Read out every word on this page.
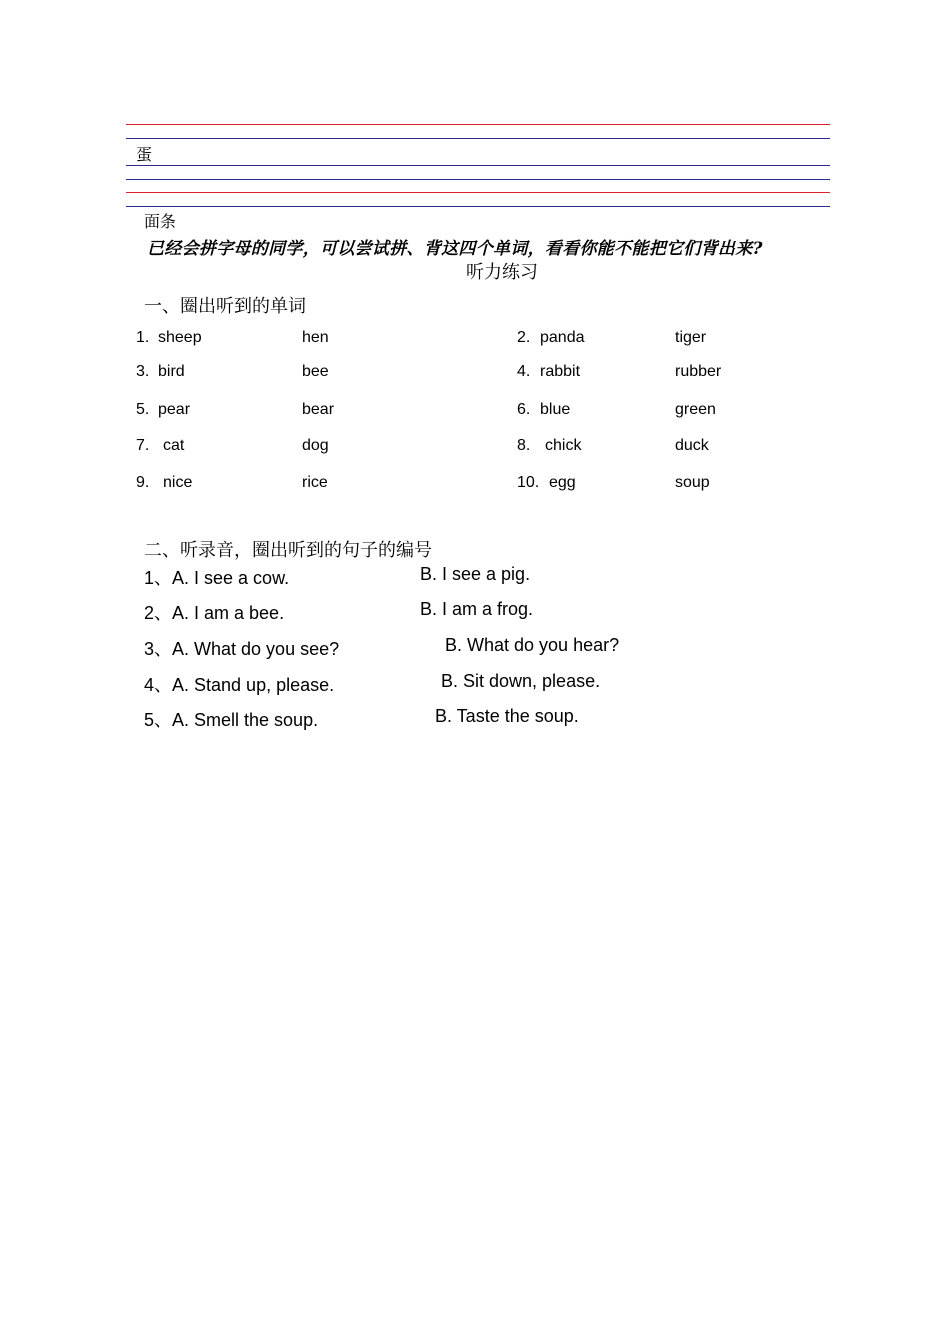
蛋
面条
已经会拼字母的同学，可以尝试拼、背这四个单词，看看你能不能把它们背出来?
听力练习
一、圈出听到的单词
1. sheep	hen	2. panda	tiger
3. bird	bee	4. rabbit	rubber
5. pear	bear	6. blue	green
7. cat	dog	8. chick	duck
9. nice	rice	10. egg	soup
二、听录音，圈出听到的句子的编号
1、A. I see a cow.	B. I see a pig.
2、A. I am a bee.	B. I am a frog.
3、A. What do you see?	B. What do you hear?
4、A. Stand up, please.	B. Sit down, please.
5、A. Smell the soup.	B. Taste the soup.
